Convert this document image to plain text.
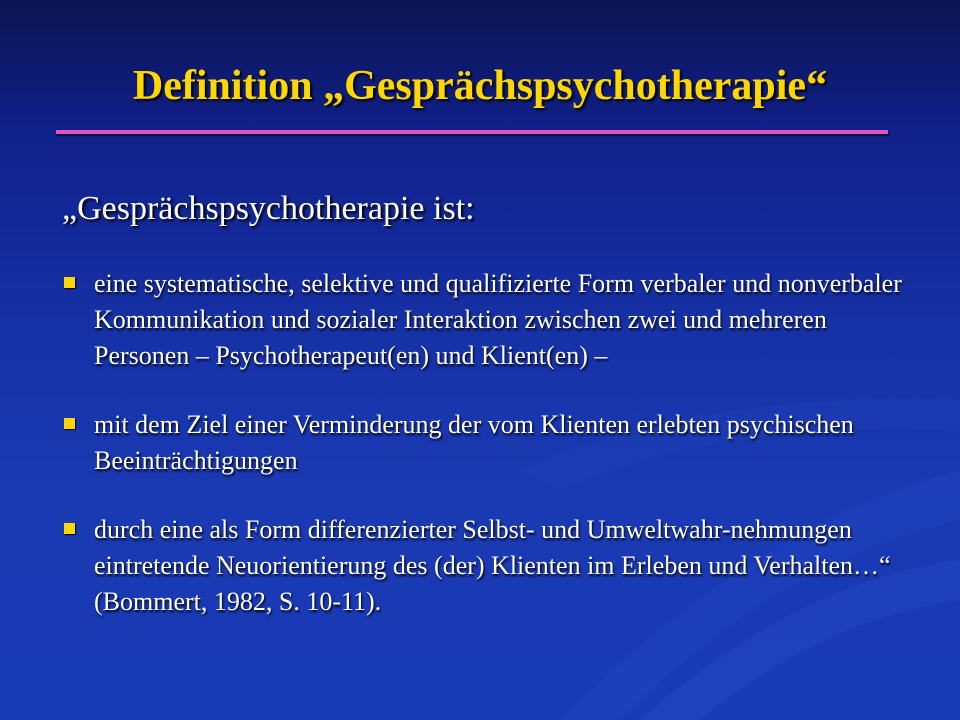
Definition „Gesprächspsychotherapie“

„Gesprächspsychotherapie ist:

eine systematische, selektive und qualifizierte Form verbaler und nonverbaler Kommunikation und sozialer Interaktion zwischen zwei und mehreren Personen – Psychotherapeut(en) und Klient(en) –
mit dem Ziel einer Verminderung der vom Klienten erlebten psychischen Beeinträchtigungen
durch eine als Form differenzierter Selbst- und Umweltwahr-nehmungen eintretende Neuorientierung des (der) Klienten im Erleben und Verhalten…“ (Bommert, 1982, S. 10-11).
